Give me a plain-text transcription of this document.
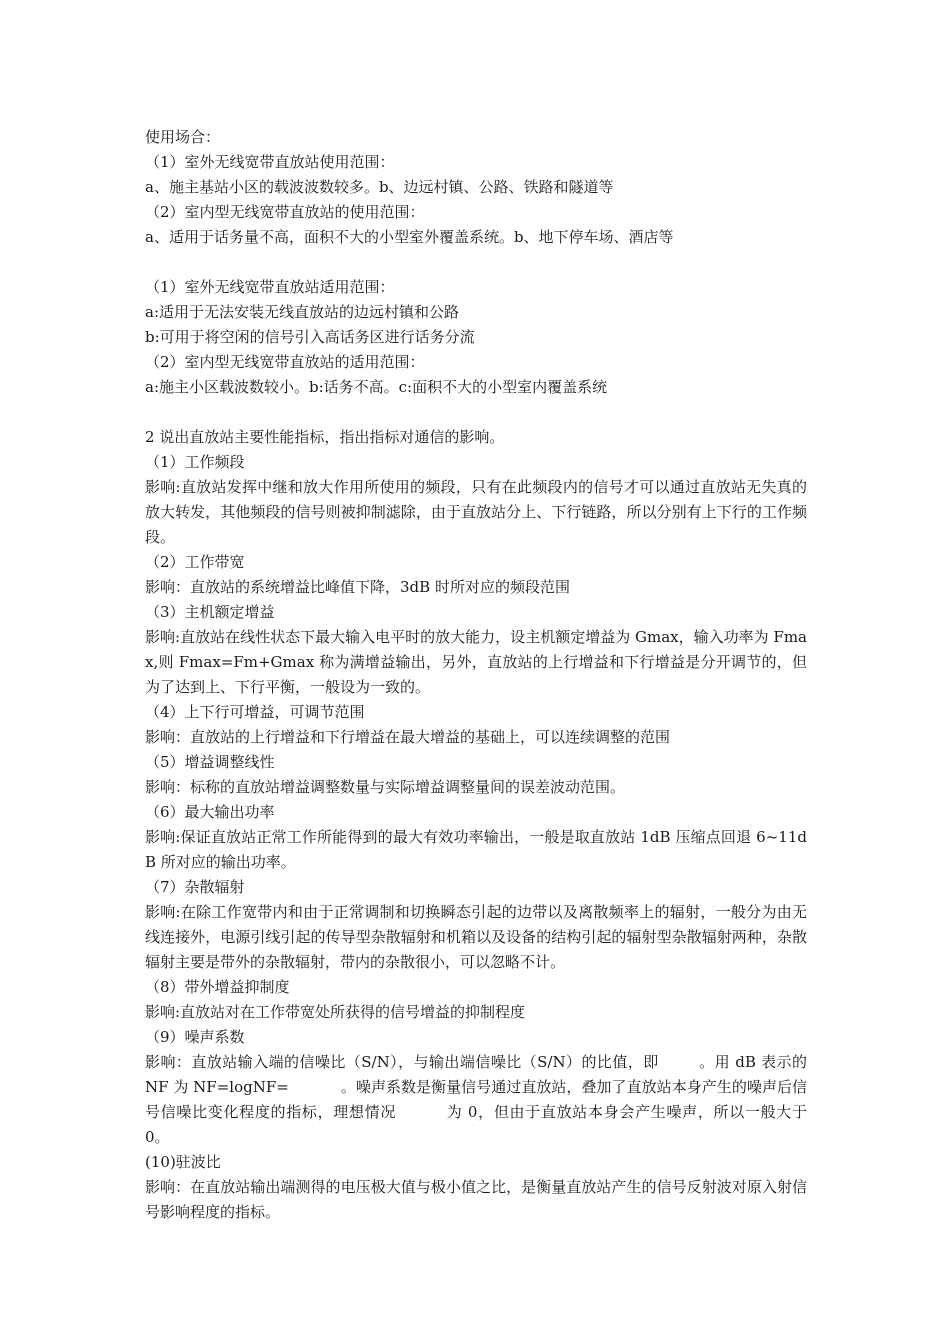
使用场合：
（1）室外无线宽带直放站使用范围：
a、施主基站小区的载波波数较多。b、边远村镇、公路、铁路和隧道等
（2）室内型无线宽带直放站的使用范围：
a、适用于话务量不高，面积不大的小型室外覆盖系统。b、地下停车场、酒店等
（1）室外无线宽带直放站适用范围：
a:适用于无法安装无线直放站的边远村镇和公路
b:可用于将空闲的信号引入高话务区进行话务分流
（2）室内型无线宽带直放站的适用范围：
a:施主小区载波数较小。b:话务不高。c:面积不大的小型室内覆盖系统
2 说出直放站主要性能指标，指出指标对通信的影响。
（1）工作频段
影响:直放站发挥中继和放大作用所使用的频段，只有在此频段内的信号才可以通过直放站无失真的放大转发，其他频段的信号则被抑制滤除，由于直放站分上、下行链路，所以分别有上下行的工作频段。
（2）工作带宽
影响：直放站的系统增益比峰值下降，3dB 时所对应的频段范围
（3）主机额定增益
影响:直放站在线性状态下最大输入电平时的放大能力，设主机额定增益为 Gmax，输入功率为 Fmax,则 Fmax=Fm+Gmax 称为满增益输出，另外，直放站的上行增益和下行增益是分开调节的，但为了达到上、下行平衡，一般设为一致的。
（4）上下行可增益，可调节范围
影响：直放站的上行增益和下行增益在最大增益的基础上，可以连续调整的范围
（5）增益调整线性
影响：标称的直放站增益调整数量与实际增益调整量间的误差波动范围。
（6）最大输出功率
影响:保证直放站正常工作所能得到的最大有效功率输出，一般是取直放站 1dB 压缩点回退 6~11dB 所对应的输出功率。
（7）杂散辐射
影响:在除工作宽带内和由于正常调制和切换瞬态引起的边带以及离散频率上的辐射，一般分为由无线连接外，电源引线引起的传导型杂散辐射和机箱以及设备的结构引起的辐射型杂散辐射两种，杂散辐射主要是带外的杂散辐射，带内的杂散很小，可以忽略不计。
（8）带外增益抑制度
影响:直放站对在工作带宽处所获得的信号增益的抑制程度
（9）噪声系数
影响：直放站输入端的信噪比（S/N），与输出端信噪比（S/N）的比值，即	。用 dB 表示的 NF 为 NF=logNF=	。噪声系数是衡量信号通过直放站，叠加了直放站本身产生的噪声后信号信噪比变化程度的指标，理想情况	为 0，但由于直放站本身会产生噪声，所以一般大于 0。
(10)驻波比
影响：在直放站输出端测得的电压极大值与极小值之比，是衡量直放站产生的信号反射波对原入射信号影响程度的指标。
